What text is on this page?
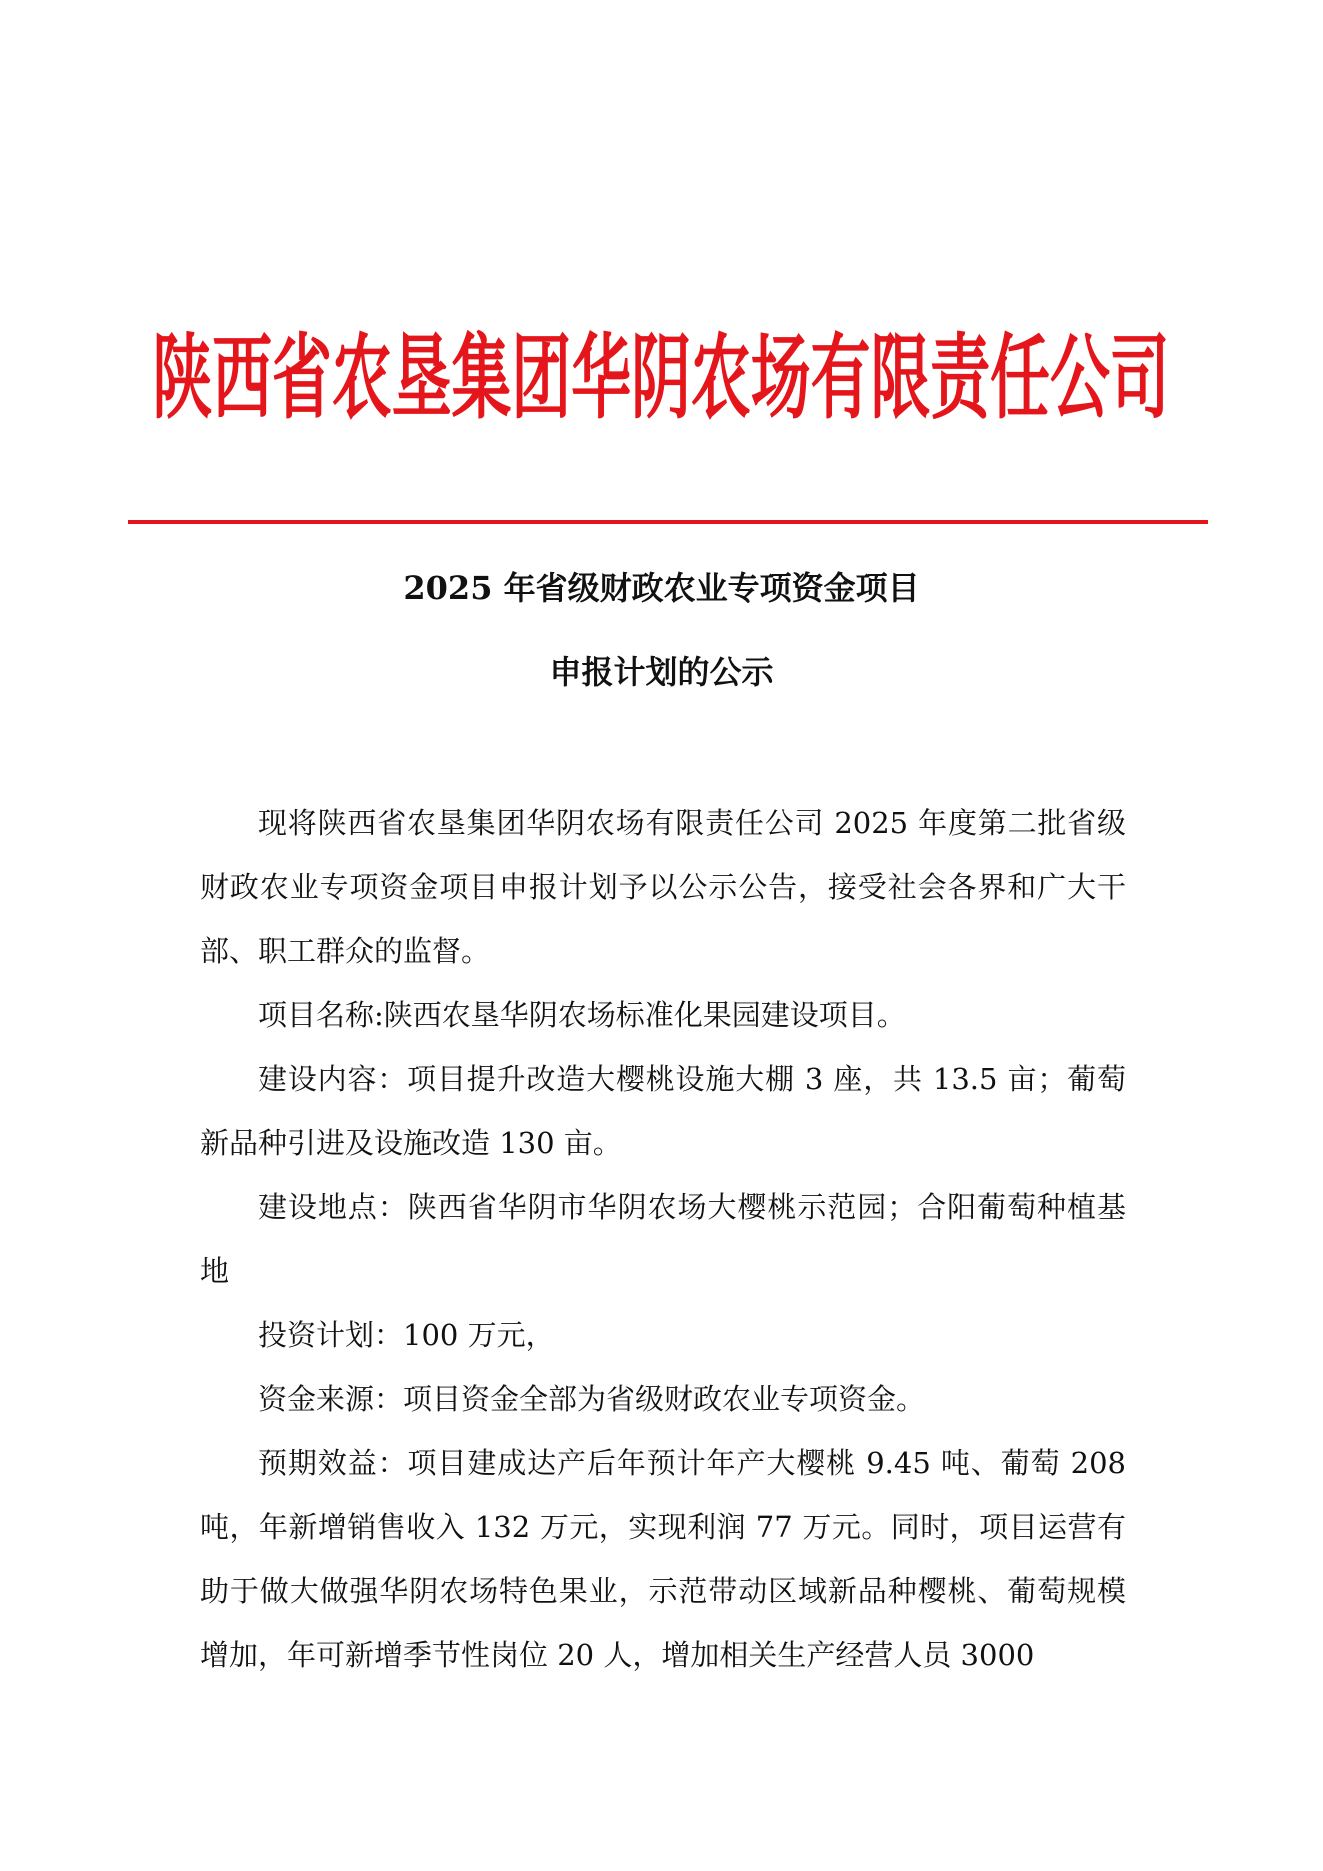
陕西省农垦集团华阴农场有限责任公司
2025 年省级财政农业专项资金项目
申报计划的公示

现将陕西省农垦集团华阴农场有限责任公司 2025 年度第二批省级财政农业专项资金项目申报计划予以公示公告，接受社会各界和广大干部、职工群众的监督。

项目名称:陕西农垦华阴农场标准化果园建设项目。

建设内容：项目提升改造大樱桃设施大棚 3 座，共 13.5 亩；葡萄新品种引进及设施改造 130 亩。

建设地点：陕西省华阴市华阴农场大樱桃示范园；合阳葡萄种植基地

投资计划：100 万元，

资金来源：项目资金全部为省级财政农业专项资金。

预期效益：项目建成达产后年预计年产大樱桃 9.45 吨、葡萄 208 吨，年新增销售收入 132 万元，实现利润 77 万元。同时，项目运营有助于做大做强华阴农场特色果业，示范带动区域新品种樱桃、葡萄规模增加，年可新增季节性岗位 20 人，增加相关生产经营人员 3000
